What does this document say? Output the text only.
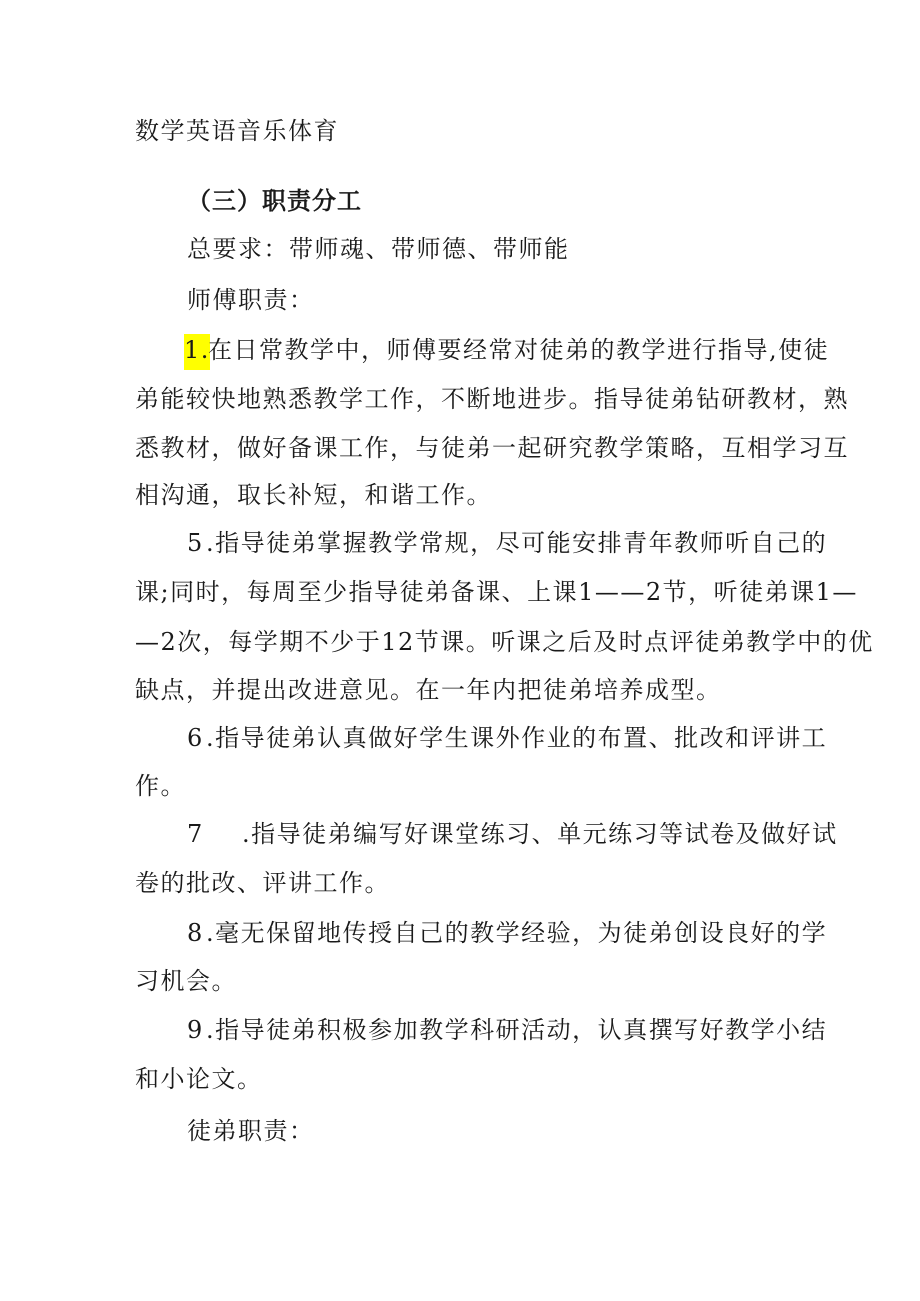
数学英语音乐体育
（三）职责分工
总要求：带师魂、带师德、带师能
师傅职责：
1.
在日常教学中，师傅要经常对徒弟的教学进行指导,使徒
弟能较快地熟悉教学工作，不断地进步。指导徒弟钻研教材，熟
悉教材，做好备课工作，与徒弟一起研究教学策略，互相学习互
相沟通，取长补短，和谐工作。
5 .指导徒弟掌握教学常规，尽可能安排青年教师听自己的
课;同时，每周至少指导徒弟备课、上课1——2节，听徒弟课1—
—2次，每学期不少于12节课。听课之后及时点评徒弟教学中的优
缺点，并提出改进意见。在一年内把徒弟培养成型。
6 .指导徒弟认真做好学生课外作业的布置、批改和评讲工
作。
7 .指导徒弟编写好课堂练习、单元练习等试卷及做好试
卷的批改、评讲工作。
8 .毫无保留地传授自己的教学经验，为徒弟创设良好的学
习机会。
9 .指导徒弟积极参加教学科研活动，认真撰写好教学小结
和小论文。
徒弟职责：
